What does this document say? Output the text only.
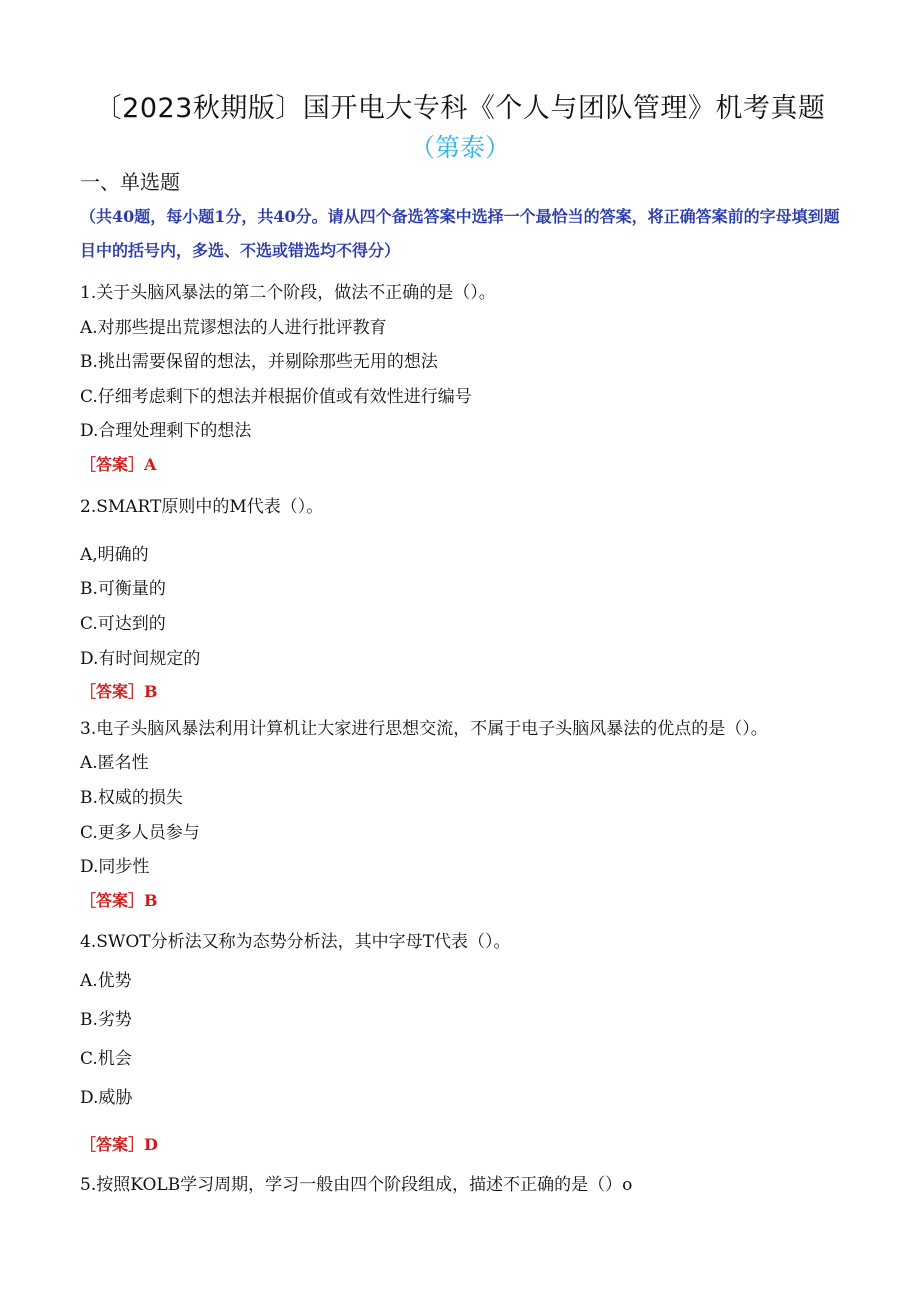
〔2023秋期版〕国开电大专科《个人与团队管理》机考真题
（第泰）
一、单选题
（共40题，每小题1分，共40分。请从四个备选答案中选择一个最恰当的答案，将正确答案前的字母填到题目中的括号内，多选、不选或错选均不得分）
1.关于头脑风暴法的第二个阶段，做法不正确的是（）。
A.对那些提出荒谬想法的人进行批评教育
B.挑出需要保留的想法，并剔除那些无用的想法
C.仔细考虑剩下的想法并根据价值或有效性进行编号
D.合理处理剩下的想法
［答案］A
2.SMART原则中的M代表（）。
A,明确的
B.可衡量的
C.可达到的
D.有时间规定的
［答案］B
3.电子头脑风暴法利用计算机让大家进行思想交流，不属于电子头脑风暴法的优点的是（）。
A.匿名性
B.权威的损失
C.更多人员参与
D.同步性
［答案］B
4.SWOT分析法又称为态势分析法，其中字母T代表（）。
A.优势
B.劣势
C.机会
D.威胁
［答案］D
5.按照KOLB学习周期，学习一般由四个阶段组成，描述不正确的是（）o
